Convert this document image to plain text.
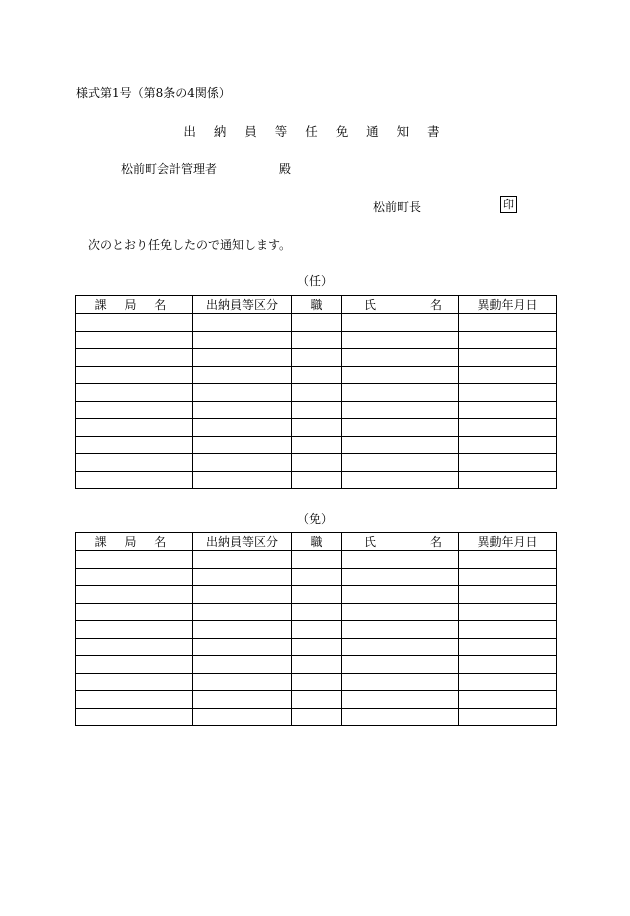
様式第1号（第8条の4関係）
出 納 員 等 任 免 通 知 書
松前町会計管理者	殿
松前町長	印
次のとおり任免したので通知します。
（任）
課 局 名	出納員等区分	職	氏 名	異動年月日

（免）
課 局 名	出納員等区分	職	氏 名	異動年月日
